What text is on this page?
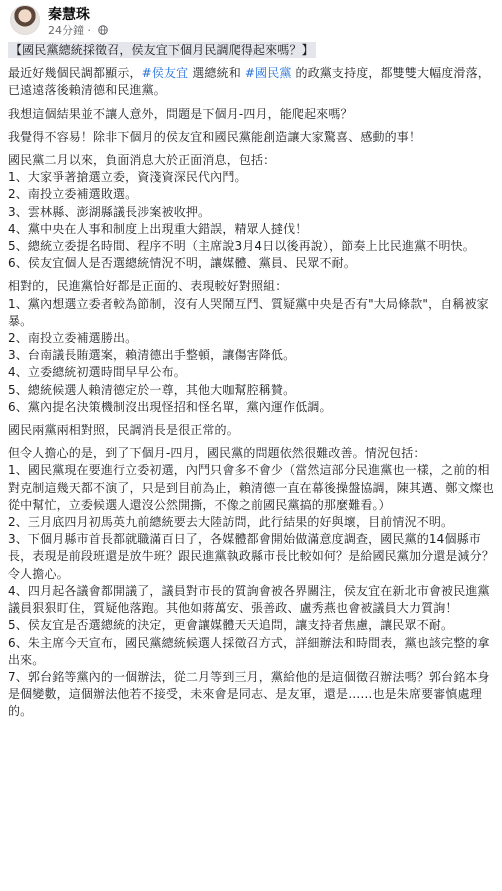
秦慧珠
24分鐘 ·

【國民黨總統採徵召，侯友宜下個月民調爬得起來嗎？】

最近好幾個民調都顯示，#侯友宜 選總統和 #國民黨 的政黨支持度，都雙雙大幅度滑落，已遠遠落後賴清德和民進黨。

我想這個結果並不讓人意外，問題是下個月-四月，能爬起來嗎？

我覺得不容易！除非下個月的侯友宜和國民黨能創造讓大家驚喜、感動的事！

國民黨二月以來，負面消息大於正面消息，包括：
1、大家爭著搶選立委，資淺資深民代內鬥。
2、南投立委補選敗選。
3、雲林縣、澎湖縣議長涉案被收押。
4、黨中央在人事和制度上出現重大錯誤，精眾人撻伐！
5、總統立委提名時間、程序不明（主席說3月4日以後再說），節奏上比民進黨不明快。
6、侯友宜個人是否選總統情況不明，讓媒體、黨員、民眾不耐。

相對的，民進黨恰好都是正面的、表現較好對照組：
1、黨內想選立委者較為節制，沒有人哭鬧互鬥、質疑黨中央是否有"大局條款"，自稱被家暴。
2、南投立委補選勝出。
3、台南議長賄選案，賴清德出手整頓，讓傷害降低。
4、立委總統初選時間早早公布。
5、總統候選人賴清德定於一尊，其他大咖幫腔稱贊。
6、黨內提名決策機制沒出現怪招和怪名單，黨內運作低調。

國民兩黨兩相對照，民調消長是很正常的。

但令人擔心的是，到了下個月-四月，國民黨的問題依然很難改善。情況包括：
1、國民黨現在要進行立委初選，內鬥只會多不會少（當然這部分民進黨也一樣，之前的相對克制這幾天都不演了，只是到目前為止，賴清德一直在幕後操盤協調，陳其邁、鄭文燦也從中幫忙，立委候選人還沒公然開撕，不像之前國民黨搞的那麼難看。）
2、三月底四月初馬英九前總統要去大陸訪問，此行結果的好與壞，目前情況不明。
3、下個月縣市首長都就職滿百日了，各媒體都會開始做滿意度調查，國民黨的14個縣市長，表現是前段班還是放牛班？跟民進黨執政縣市長比較如何？是給國民黨加分還是減分？令人擔心。
4、四月起各議會都開議了，議員對市長的質詢會被各界關注，侯友宜在新北市會被民進黨議員狠狠盯住，質疑他落跑。其他如蔣萬安、張善政、盧秀燕也會被議員大力質詢！
5、侯友宜是否選總統的決定，更會讓媒體天天追問，讓支持者焦慮，讓民眾不耐。
6、朱主席今天宣布，國民黨總統候選人採徵召方式，詳細辦法和時間表，黨也該完整的拿出來。
7、郭台銘等黨內的一個辦法，從二月等到三月，黨給他的是這個徵召辦法嗎？郭台銘本身是個變數，這個辦法他若不接受，未來會是同志、是友軍，還是……也是朱席要審慎處理的。
